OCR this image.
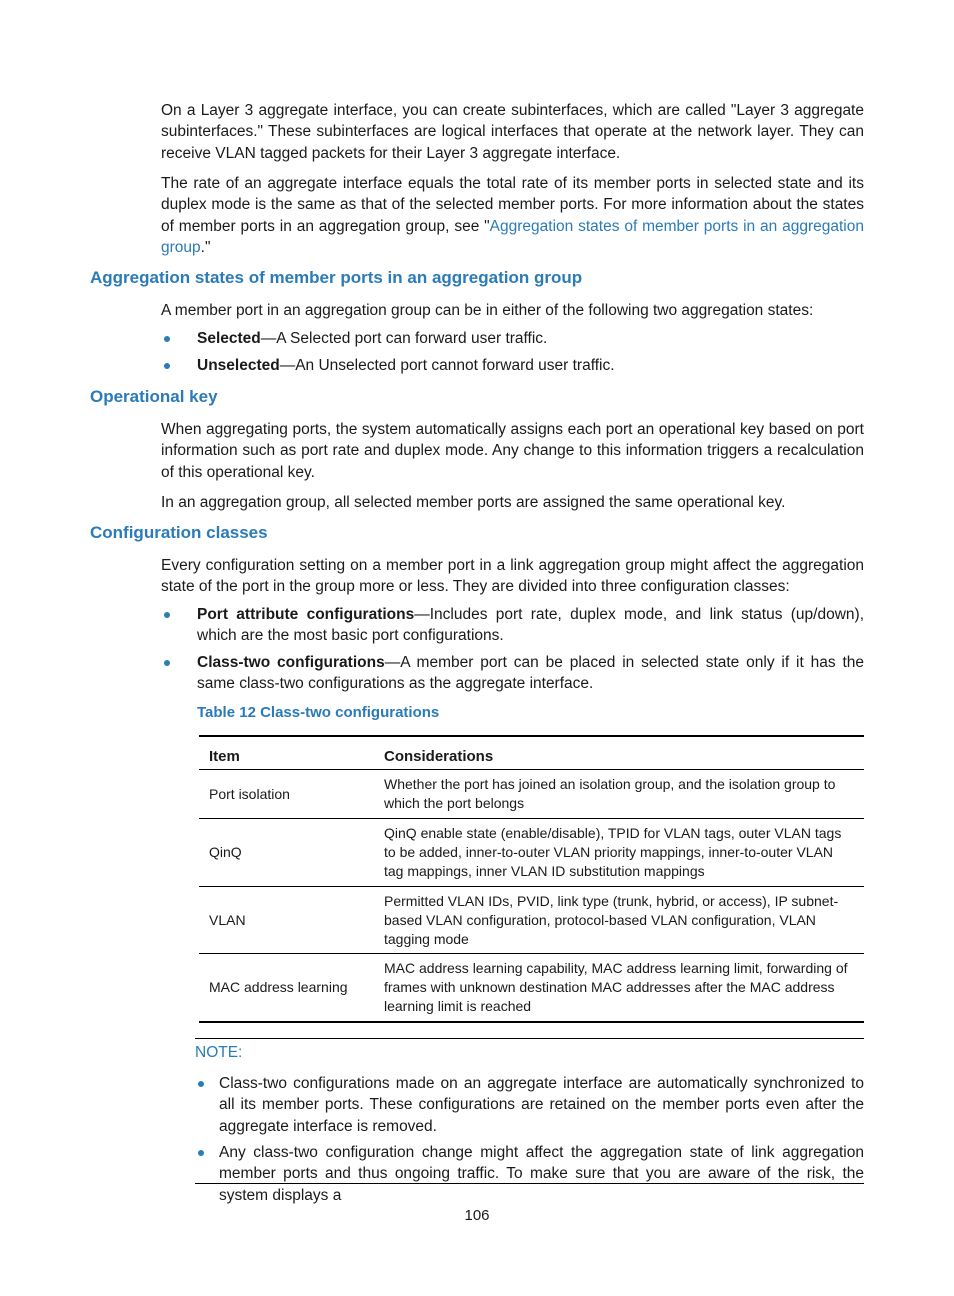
On a Layer 3 aggregate interface, you can create subinterfaces, which are called "Layer 3 aggregate subinterfaces." These subinterfaces are logical interfaces that operate at the network layer. They can receive VLAN tagged packets for their Layer 3 aggregate interface.

The rate of an aggregate interface equals the total rate of its member ports in selected state and its duplex mode is the same as that of the selected member ports. For more information about the states of member ports in an aggregation group, see "Aggregation states of member ports in an aggregation group."

Aggregation states of member ports in an aggregation group

A member port in an aggregation group can be in either of the following two aggregation states:

Selected—A Selected port can forward user traffic.

Unselected—An Unselected port cannot forward user traffic.

Operational key

When aggregating ports, the system automatically assigns each port an operational key based on port information such as port rate and duplex mode. Any change to this information triggers a recalculation of this operational key.

In an aggregation group, all selected member ports are assigned the same operational key.

Configuration classes

Every configuration setting on a member port in a link aggregation group might affect the aggregation state of the port in the group more or less. They are divided into three configuration classes:

Port attribute configurations—Includes port rate, duplex mode, and link status (up/down), which are the most basic port configurations.

Class-two configurations—A member port can be placed in selected state only if it has the same class-two configurations as the aggregate interface.

Table 12 Class-two configurations

Item	Considerations
Port isolation	Whether the port has joined an isolation group, and the isolation group to which the port belongs
QinQ	QinQ enable state (enable/disable), TPID for VLAN tags, outer VLAN tags to be added, inner-to-outer VLAN priority mappings, inner-to-outer VLAN tag mappings, inner VLAN ID substitution mappings
VLAN	Permitted VLAN IDs, PVID, link type (trunk, hybrid, or access), IP subnet-based VLAN configuration, protocol-based VLAN configuration, VLAN tagging mode
MAC address learning	MAC address learning capability, MAC address learning limit, forwarding of frames with unknown destination MAC addresses after the MAC address learning limit is reached

NOTE:

Class-two configurations made on an aggregate interface are automatically synchronized to all its member ports. These configurations are retained on the member ports even after the aggregate interface is removed.

Any class-two configuration change might affect the aggregation state of link aggregation member ports and thus ongoing traffic. To make sure that you are aware of the risk, the system displays a

106
